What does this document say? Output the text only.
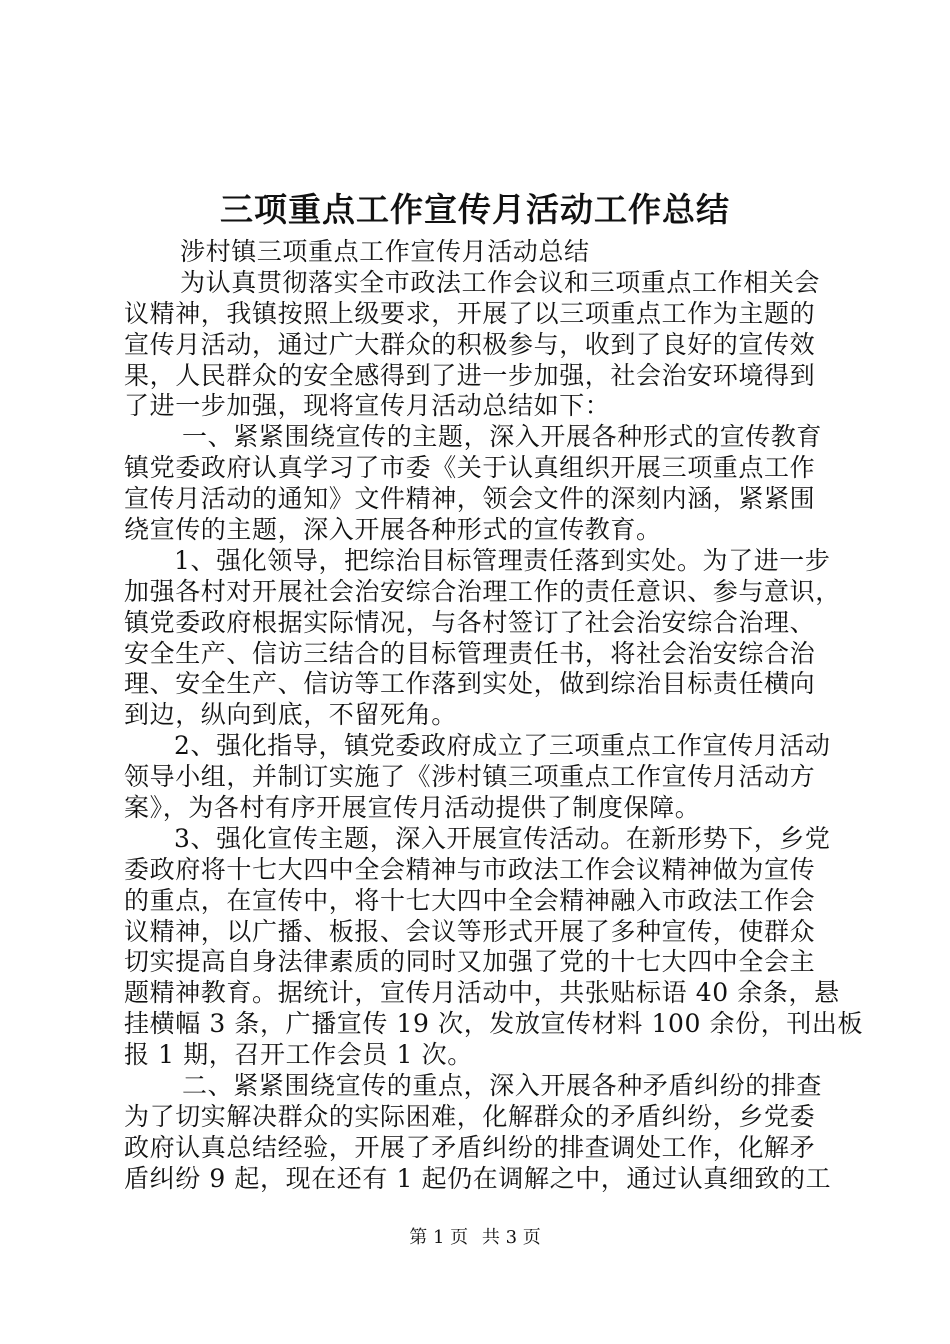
三项重点工作宣传月活动工作总结
涉村镇三项重点工作宣传月活动总结
为认真贯彻落实全市政法工作会议和三项重点工作相关会
议精神，我镇按照上级要求，开展了以三项重点工作为主题的
宣传月活动，通过广大群众的积极参与，收到了良好的宣传效
果，人民群众的安全感得到了进一步加强，社会治安环境得到
了进一步加强，现将宣传月活动总结如下：
一、紧紧围绕宣传的主题，深入开展各种形式的宣传教育
镇党委政府认真学习了市委《关于认真组织开展三项重点工作
宣传月活动的通知》文件精神，领会文件的深刻内涵，紧紧围
绕宣传的主题，深入开展各种形式的宣传教育。
1、强化领导，把综治目标管理责任落到实处。为了进一步
加强各村对开展社会治安综合治理工作的责任意识、参与意识，
镇党委政府根据实际情况，与各村签订了社会治安综合治理、
安全生产、信访三结合的目标管理责任书，将社会治安综合治
理、安全生产、信访等工作落到实处，做到综治目标责任横向
到边，纵向到底，不留死角。
2、强化指导，镇党委政府成立了三项重点工作宣传月活动
领导小组，并制订实施了《涉村镇三项重点工作宣传月活动方
案》，为各村有序开展宣传月活动提供了制度保障。
3、强化宣传主题，深入开展宣传活动。在新形势下，乡党
委政府将十七大四中全会精神与市政法工作会议精神做为宣传
的重点，在宣传中，将十七大四中全会精神融入市政法工作会
议精神，以广播、板报、会议等形式开展了多种宣传，使群众
切实提高自身法律素质的同时又加强了党的十七大四中全会主
题精神教育。据统计，宣传月活动中，共张贴标语 40 余条，悬
挂横幅 3 条，广播宣传 19 次，发放宣传材料 100 余份，刊出板
报 1 期，召开工作会员 1 次。
二、紧紧围绕宣传的重点，深入开展各种矛盾纠纷的排查
为了切实解决群众的实际困难，化解群众的矛盾纠纷，乡党委
政府认真总结经验，开展了矛盾纠纷的排查调处工作，化解矛
盾纠纷 9 起，现在还有 1 起仍在调解之中，通过认真细致的工
第 1 页 共 3 页
